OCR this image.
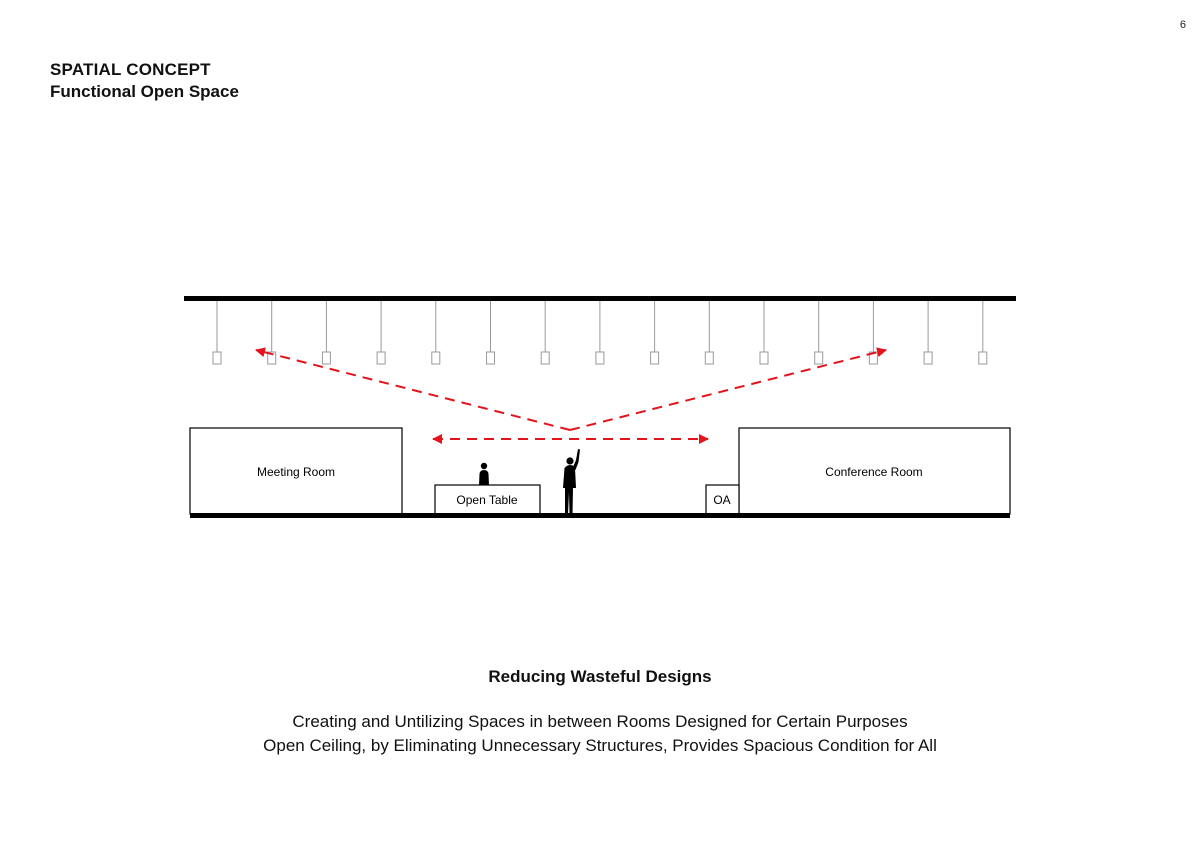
6
SPATIAL CONCEPT
Functional Open Space
Meeting Room	Conference Room
Open Table	OA
Reducing Wasteful Designs
Creating and Untilizing Spaces in between Rooms Designed for Certain Purposes
Open Ceiling, by Eliminating Unnecessary Structures, Provides Spacious Condition for All
